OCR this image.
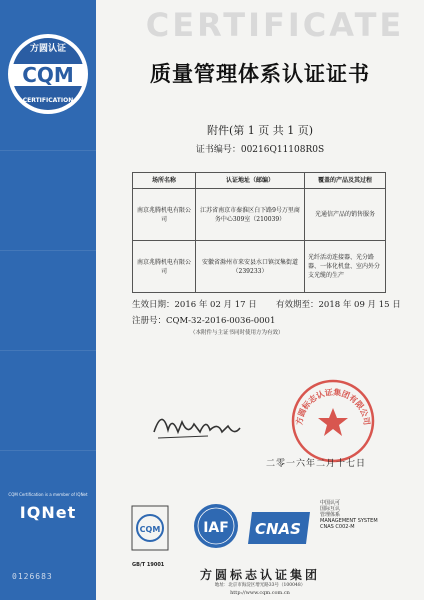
方圆认证
CQM
CERTIFICATION
CQM Certification is a member of IQNet
IQNet
0126683
CERTIFICATE
质量管理体系认证证书
附件(第 1 页 共 1 页)
证书编号：00216Q11108R0S
场所名称	认证地址（邮编）	覆盖的产品及其过程
南京兆腾机电有限公司	江苏省南京市秦淮区白下路9号万里商务中心309室（210039）	光通信产品的销售服务
南京兆腾机电有限公司	安徽省滁州市来安县水口镇汊集街道（239233）	光纤活动连接器、光分路器、一体化机盘、室内外分支光缆的生产
生效日期：2016 年 02 月 17 日 有效期至：2018 年 09 月 15 日
注册号：CQM-32-2016-0036-0001
（本附件与主证书同时使用方为有效）
方圆标志认证集团有限公司
二零一六年二月十七日
CQM	IAF CNAS
中国认可
国际互认
管理体系
MANAGEMENT SYSTEM
CNAS C002-M
GB/T 19001
方圆标志认证集团
地址：北京市海淀区增光路33号（100048）
http://www.cqm.com.cn
